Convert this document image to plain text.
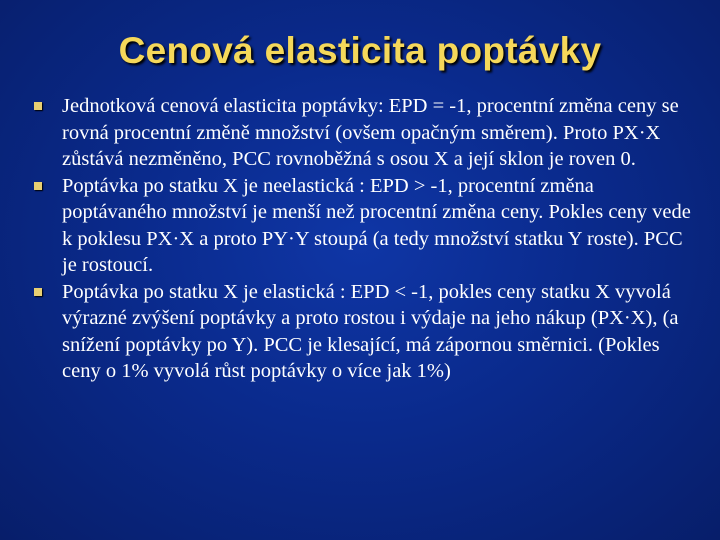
Cenová elasticita poptávky
Jednotková cenová elasticita poptávky: EPD = -1, procentní změna ceny se rovná procentní změně množství (ovšem opačným směrem). Proto PX·X zůstává nezměněno, PCC rovnoběžná s osou X a její sklon je roven 0.
Poptávka po statku X je neelastická : EPD > -1, procentní změna poptávaného množství je menší než procentní změna ceny. Pokles ceny vede k poklesu PX·X a proto PY·Y stoupá (a tedy množství statku Y roste). PCC je rostoucí.
Poptávka po statku X je elastická : EPD < -1, pokles ceny statku X vyvolá výrazné zvýšení poptávky a proto rostou i výdaje na jeho nákup (PX·X), (a snížení poptávky po Y). PCC je klesající, má zápornou směrnici. (Pokles ceny o 1% vyvolá růst poptávky o více jak 1%)
